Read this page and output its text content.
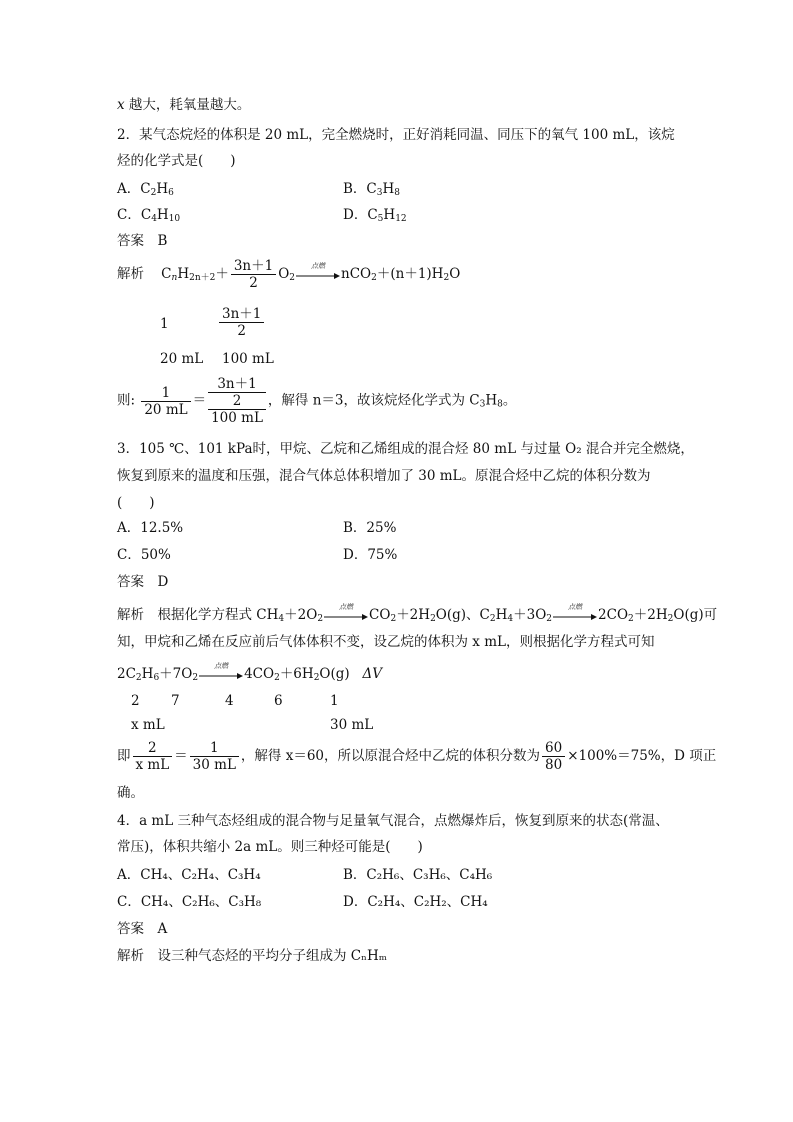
x 越大，耗氧量越大。
2．某气态烷烃的体积是 20 mL，完全燃烧时，正好消耗同温、同压下的氧气 100 mL，该烷
烃的化学式是(　　)
A．$C_2H_6$	B．$C_3H_8$
C．$C_4H_{10}$	D．$C_5H_{12}$
答案　B
解析 $C_nH_{2n+2}+ \frac{3n+1}{2} O_2$
点燃
$nCO_2+(n+1)H_2O$
1	$\frac{3n+1}{2}$
20 mL 100 mL
则: $\frac{1}{20 mL}$ ＝
3n＋1
2
100 mL
，解得 n＝3，故该烷烃化学式为 $C_3H_8$。
3．105 ℃、101 kPa时，甲烷、乙烷和乙烯组成的混合烃 80 mL 与过量 O₂ 混合并完全燃烧，
恢复到原来的温度和压强，混合气体总体积增加了 30 mL。原混合烃中乙烷的体积分数为
(　　)
A．12.5%	B．25%
C．50%	D．75%
答案　D
解析　根据化学方程式 $CH_4+2O_2$
点燃
$CO_2+2H_2O(g)$、$C_2H_4+3O_2$
点燃
$2CO_2+2H_2O(g)$可
知，甲烷和乙烯在反应前后气体体积不变，设乙烷的体积为 x mL，则根据化学方程式可知
$2C_2H_6+7O_2$
点燃
$4CO_2+6H_2O(g)$ ΔV
2 7	4	6	1
x mL	30 mL
即 $\frac{2}{\text{x mL}} = \frac{1}{30 mL}$ ，解得 x＝60，所以原混合烃中乙烷的体积分数为 $\frac{60}{80} \times 100\%=75\%$，D 项正
确。
4．a mL 三种气态烃组成的混合物与足量氧气混合，点燃爆炸后，恢复到原来的状态(常温、
常压)，体积共缩小 2a mL。则三种烃可能是(　　)
A．CH₄、C₂H₄、C₃H₄	B．C₂H₆、C₃H₆、C₄H₆
C．CH₄、C₂H₆、C₃H₈	D．C₂H₄、C₂H₂、CH₄
答案　A
解析　设三种气态烃的平均分子组成为 CₙHₘ
